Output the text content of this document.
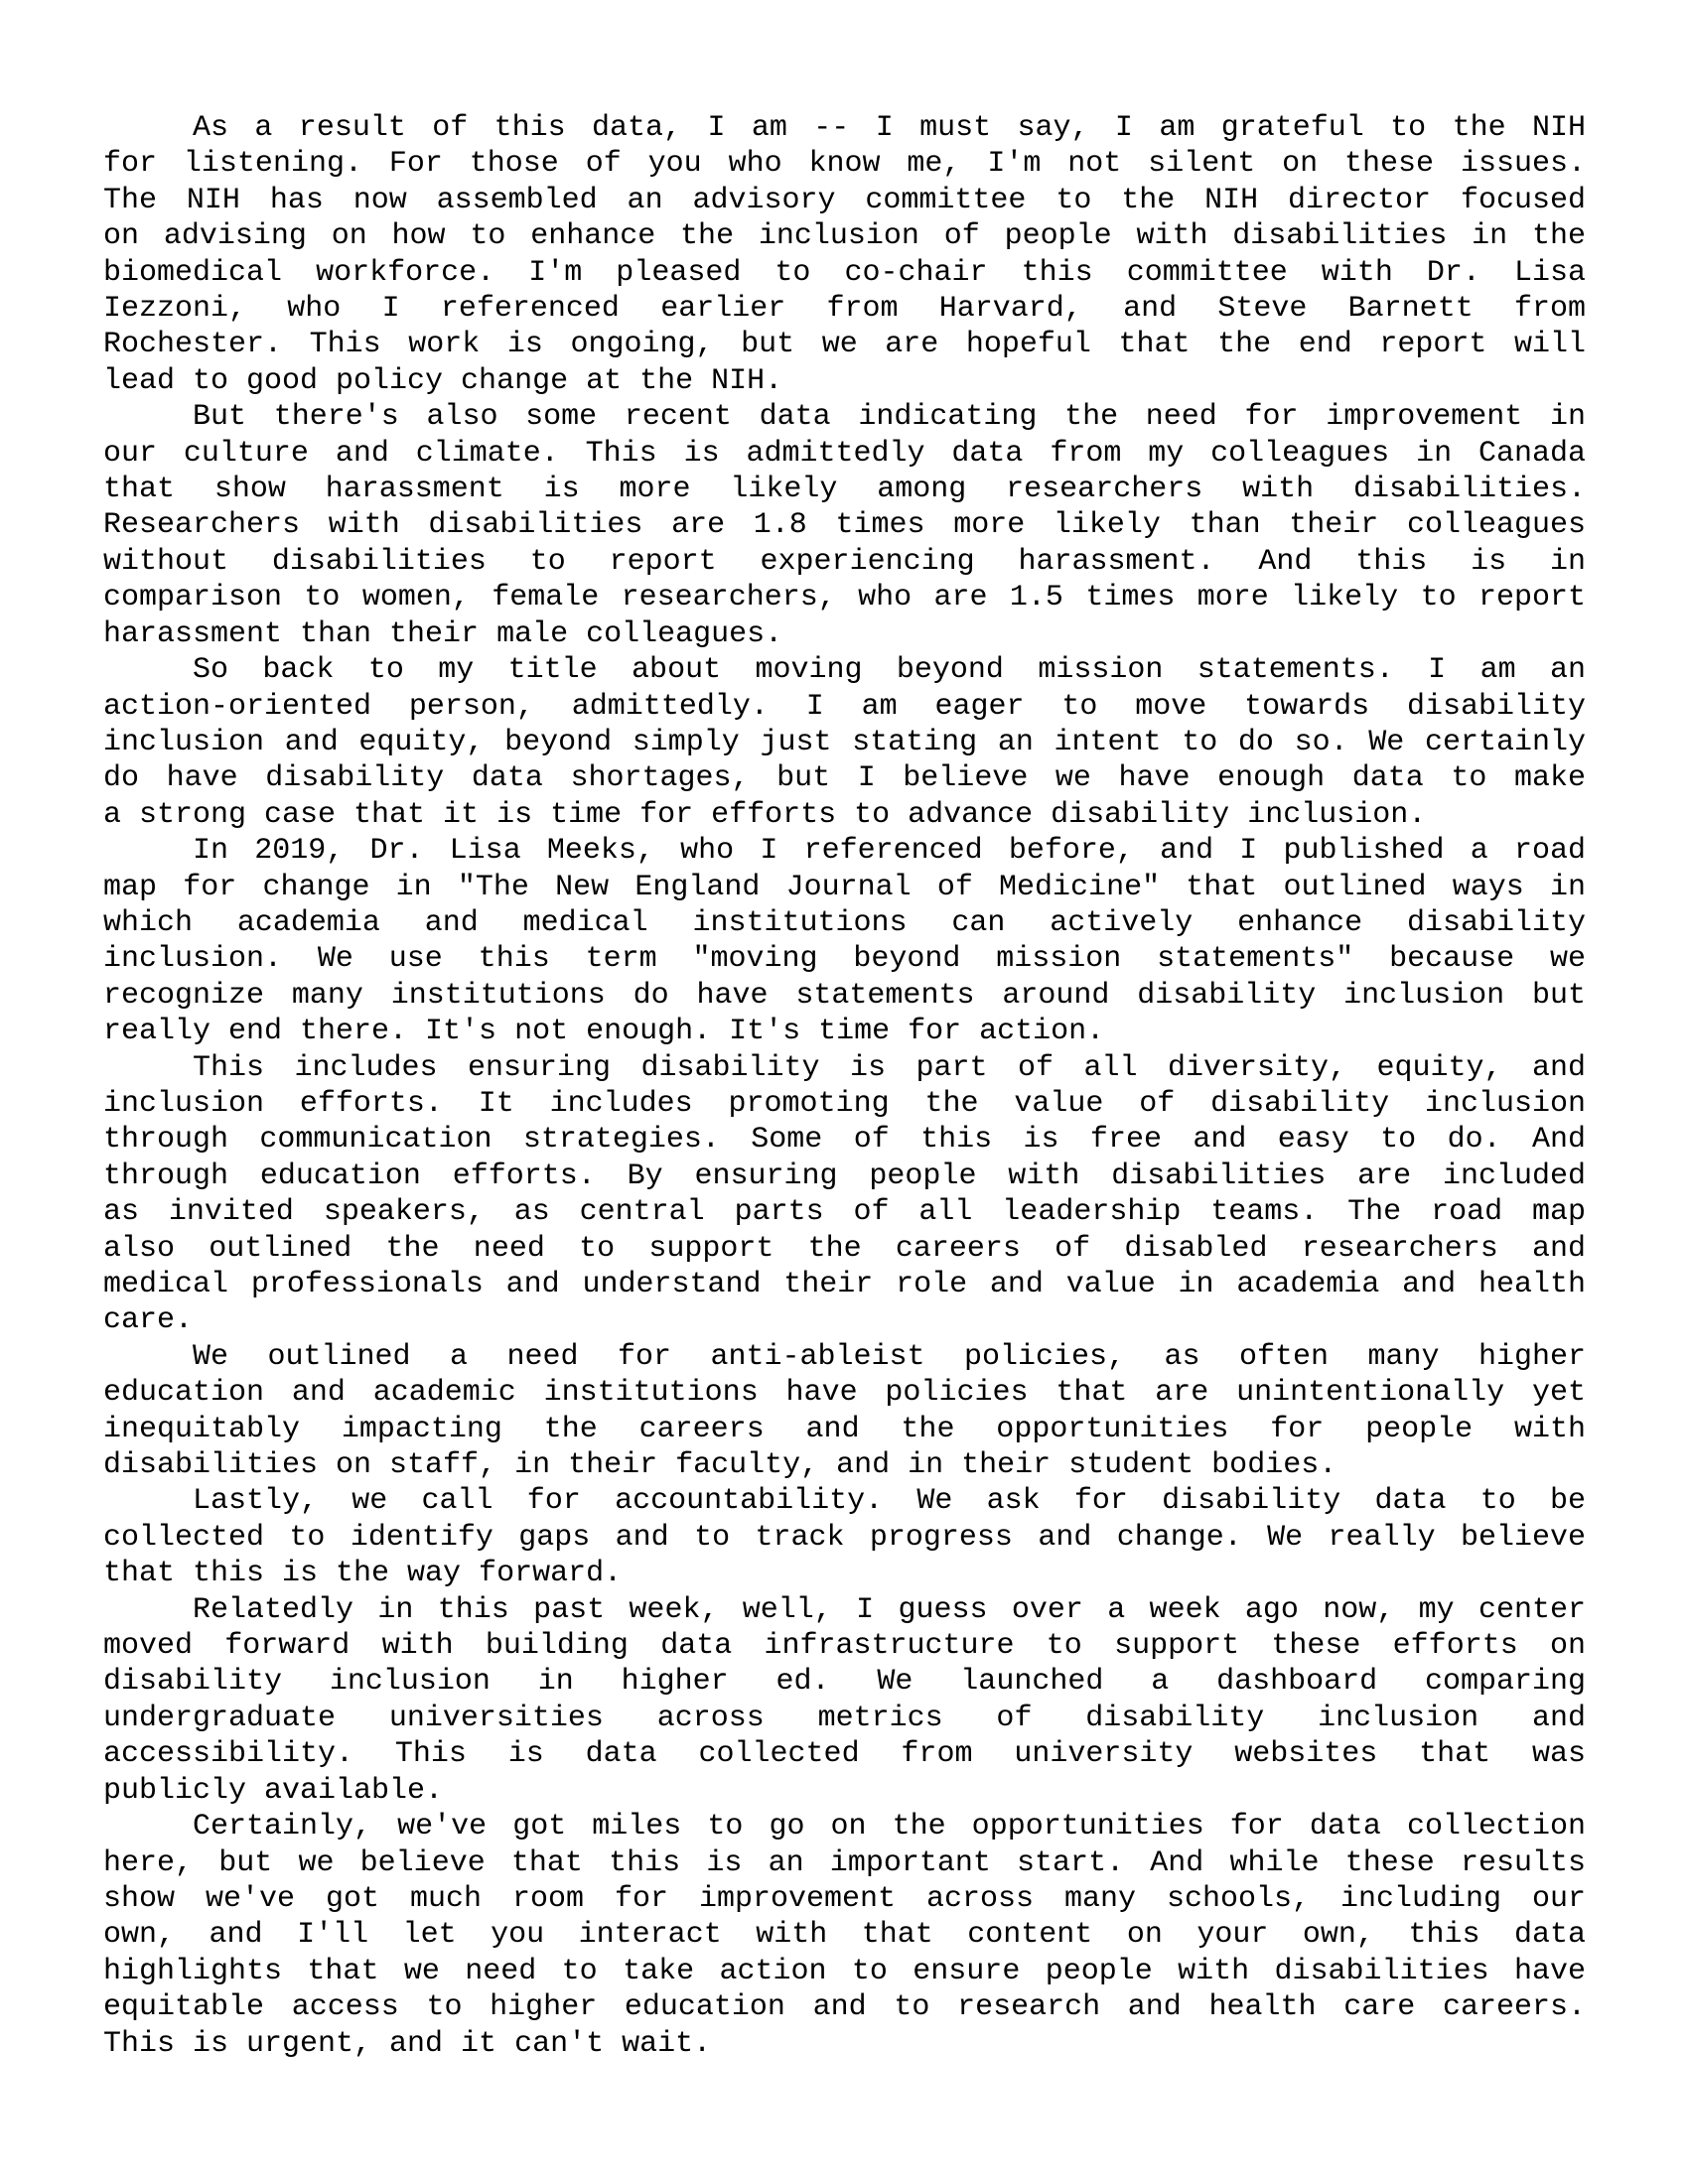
As a result of this data, I am -- I must say, I am grateful to the NIH
for listening. For those of you who know me, I'm not silent on these issues.
The NIH has now assembled an advisory committee to the NIH director focused
on advising on how to enhance the inclusion of people with disabilities in the
biomedical workforce. I'm pleased to co-chair this committee with Dr. Lisa
Iezzoni, who I referenced earlier from Harvard, and Steve Barnett from
Rochester. This work is ongoing, but we are hopeful that the end report will
lead to good policy change at the NIH.
But there's also some recent data indicating the need for improvement in
our culture and climate. This is admittedly data from my colleagues in Canada
that show harassment is more likely among researchers with disabilities.
Researchers with disabilities are 1.8 times more likely than their colleagues
without disabilities to report experiencing harassment. And this is in
comparison to women, female researchers, who are 1.5 times more likely to report
harassment than their male colleagues.
So back to my title about moving beyond mission statements. I am an
action-oriented person, admittedly. I am eager to move towards disability
inclusion and equity, beyond simply just stating an intent to do so. We certainly
do have disability data shortages, but I believe we have enough data to make
a strong case that it is time for efforts to advance disability inclusion.
In 2019, Dr. Lisa Meeks, who I referenced before, and I published a road
map for change in "The New England Journal of Medicine" that outlined ways in
which academia and medical institutions can actively enhance disability
inclusion. We use this term "moving beyond mission statements" because we
recognize many institutions do have statements around disability inclusion but
really end there. It's not enough. It's time for action.
This includes ensuring disability is part of all diversity, equity, and
inclusion efforts. It includes promoting the value of disability inclusion
through communication strategies. Some of this is free and easy to do. And
through education efforts. By ensuring people with disabilities are included
as invited speakers, as central parts of all leadership teams. The road map
also outlined the need to support the careers of disabled researchers and
medical professionals and understand their role and value in academia and health
care.
We outlined a need for anti-ableist policies, as often many higher
education and academic institutions have policies that are unintentionally yet
inequitably impacting the careers and the opportunities for people with
disabilities on staff, in their faculty, and in their student bodies.
Lastly, we call for accountability. We ask for disability data to be
collected to identify gaps and to track progress and change. We really believe
that this is the way forward.
Relatedly in this past week, well, I guess over a week ago now, my center
moved forward with building data infrastructure to support these efforts on
disability inclusion in higher ed. We launched a dashboard comparing
undergraduate universities across metrics of disability inclusion and
accessibility. This is data collected from university websites that was
publicly available.
Certainly, we've got miles to go on the opportunities for data collection
here, but we believe that this is an important start. And while these results
show we've got much room for improvement across many schools, including our
own, and I'll let you interact with that content on your own, this data
highlights that we need to take action to ensure people with disabilities have
equitable access to higher education and to research and health care careers.
This is urgent, and it can't wait.
